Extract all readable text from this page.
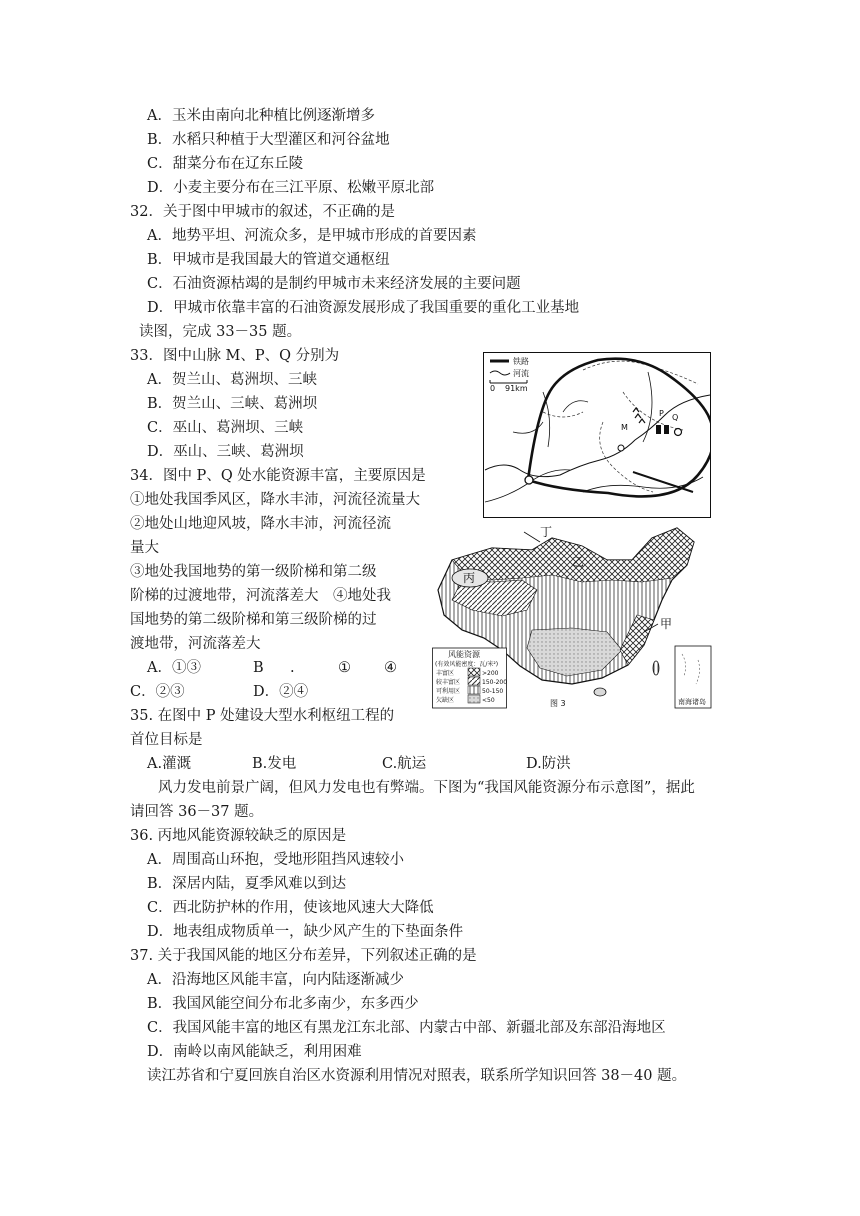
A．玉米由南向北种植比例逐渐增多
B．水稻只种植于大型灌区和河谷盆地
C．甜菜分布在辽东丘陵
D．小麦主要分布在三江平原、松嫩平原北部
32．关于图中甲城市的叙述，不正确的是
A．地势平坦、河流众多，是甲城市形成的首要因素
B．甲城市是我国最大的管道交通枢纽
C．石油资源枯竭的是制约甲城市未来经济发展的主要问题
D．甲城市依靠丰富的石油资源发展形成了我国重要的重化工业基地
读图，完成 33－35 题。
33．图中山脉 M、P、Q 分别为
A．贺兰山、葛洲坝、三峡
B．贺兰山、三峡、葛洲坝
C．巫山、葛洲坝、三峡
D．巫山、三峡、葛洲坝
34．图中 P、Q 处水能资源丰富，主要原因是
①地处我国季风区，降水丰沛，河流径流量大
②地处山地迎风坡，降水丰沛，河流径流
量大
③地处我国地势的第一级阶梯和第二级
阶梯的过渡地带，河流落差大　④地处我
国地势的第二级阶梯和第三级阶梯的过
渡地带，河流落差大
A．①③	B .	① ④
C．②③	D．②④
35. 在图中 P 处建设大型水利枢纽工程的
首位目标是
A.灌溉	B.发电	C.航运	D.防洪
风力发电前景广阔，但风力发电也有弊端。下图为“我国风能资源分布示意图”，据此
请回答 36－37 题。
36. 丙地风能资源较缺乏的原因是
A．周围高山环抱，受地形阻挡风速较小
B．深居内陆，夏季风难以到达
C．西北防护林的作用，使该地风速大大降低
D．地表组成物质单一，缺少风产生的下垫面条件
37. 关于我国风能的地区分布差异，下列叙述正确的是
A．沿海地区风能丰富，向内陆逐渐减少
B．我国风能空间分布北多南少，东多西少
C．我国风能丰富的地区有黑龙江东北部、内蒙古中部、新疆北部及东部沿海地区
D．南岭以南风能缺乏，利用困难
读江苏省和宁夏回族自治区水资源利用情况对照表，联系所学知识回答 38－40 题。
铁路
河流
0 91km
M
P Q
丙
丁
乙
甲
风能资源
(有效风能密度：瓦/米²)
丰富区	>200
较丰富区	150-200
可利用区	50-150
欠缺区	<50	图 3	南海诸岛
